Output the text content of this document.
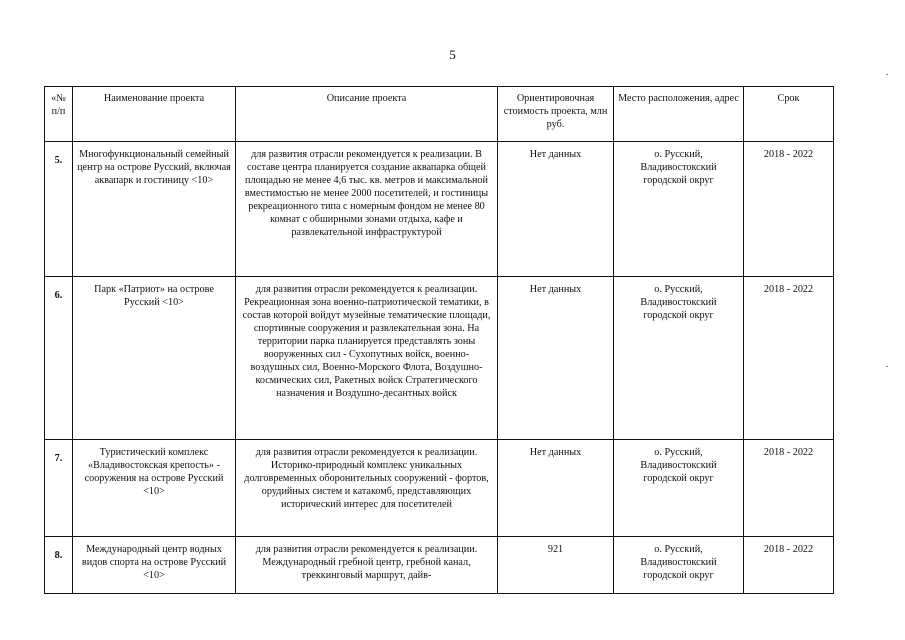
5
«№ п/п	Наименование проекта	Описание проекта	Ориентировочная стоимость проекта, млн руб.	Место расположения, адрес	Срок
5.	Многофункциональный семейный центр на острове Русский, включая аквапарк и гостиницу <10>	для развития отрасли рекомендуется к реализации. В составе центра планируется создание аквапарка общей площадью не менее 4,6 тыс. кв. метров и максимальной вместимостью не менее 2000 посетителей, и гостиницы рекреационного типа с номерным фондом не менее 80 комнат с обширными зонами отдыха, кафе и развлекательной инфраструктурой	Нет данных	о. Русский, Владивостокский городской округ	2018 - 2022
6.	Парк «Патриот» на острове Русский <10>	для развития отрасли рекомендуется к реализации. Рекреационная зона военно-патриотической тематики, в состав которой войдут музейные тематические площади, спортивные сооружения и развлекательная зона. На территории парка планируется представлять зоны вооруженных сил - Сухопутных войск, военно-воздушных сил, Военно-Морского Флота, Воздушно-космических сил, Ракетных войск Стратегического назначения и Воздушно-десантных войск	Нет данных	о. Русский, Владивостокский городской округ	2018 - 2022
7.	Туристический комплекс «Владивостокская крепость» - сооружения на острове Русский <10>	для развития отрасли рекомендуется к реализации. Историко-природный комплекс уникальных долговременных оборонительных сооружений - фортов, орудийных систем и катакомб, представляющих исторический интерес для посетителей	Нет данных	о. Русский, Владивостокский городской округ	2018 - 2022
8.	Международный центр водных видов спорта на острове Русский <10>	для развития отрасли рекомендуется к реализации. Международный гребной центр, гребной канал, треккинговый маршрут, дайв-	921	о. Русский, Владивостокский городской округ	2018 - 2022
